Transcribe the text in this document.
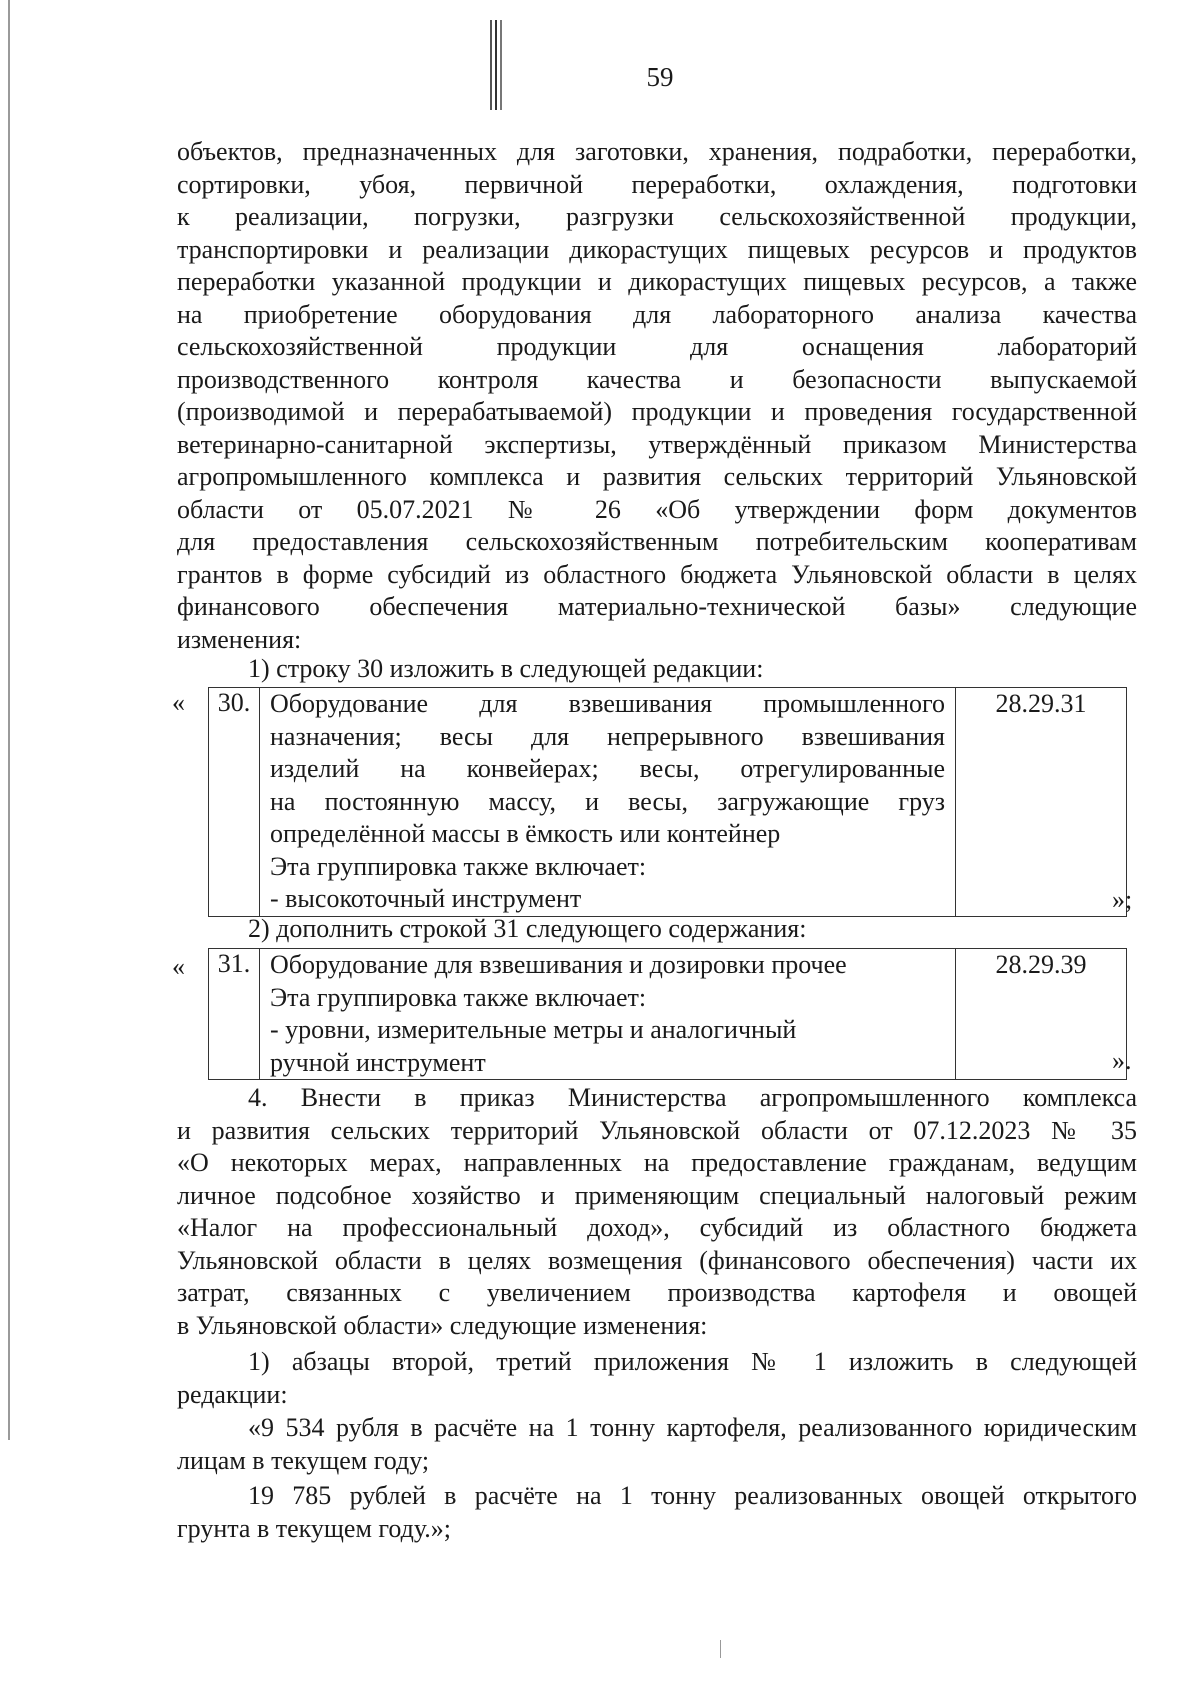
59

объектов, предназначенных для заготовки, хранения, подработки, переработки,

сортировки, убоя, первичной переработки, охлаждения, подготовки

к реализации, погрузки, разгрузки сельскохозяйственной продукции,

транспортировки и реализации дикорастущих пищевых ресурсов и продуктов

переработки указанной продукции и дикорастущих пищевых ресурсов, а также

на приобретение оборудования для лабораторного анализа качества

сельскохозяйственной продукции для оснащения лабораторий

производственного контроля качества и безопасности выпускаемой

(производимой и перерабатываемой) продукции и проведения государственной

ветеринарно-санитарной экспертизы, утверждённый приказом Министерства

агропромышленного комплекса и развития сельских территорий Ульяновской

области от 05.07.2021 № 26 «Об утверждении форм документов

для предоставления сельскохозяйственным потребительским кооперативам

грантов в форме субсидий из областного бюджета Ульяновской области в целях

финансового обеспечения материально-технической базы» следующие

изменения:

1) строку 30 изложить в следующей редакции:
« 30.	Оборудование для взвешивания промышленного

назначения; весы для непрерывного взвешивания

изделий на конвейерах; весы, отрегулированные

на постоянную массу, и весы, загружающие груз

определённой массы в ёмкость или контейнер

Эта группировка также включает:

- высокоточный инструмент

	28.29.31
»;
2) дополнить строкой 31 следующего содержания:
« 31.	Оборудование для взвешивания и дозировки прочее

Эта группировка также включает:

- уровни, измерительные метры и аналогичный

ручной инструмент

	28.29.39
».

4. Внести в приказ Министерства агропромышленного комплекса

и развития сельских территорий Ульяновской области от 07.12.2023 № 35

«О некоторых мерах, направленных на предоставление гражданам, ведущим

личное подсобное хозяйство и применяющим специальный налоговый режим

«Налог на профессиональный доход», субсидий из областного бюджета

Ульяновской области в целях возмещения (финансового обеспечения) части их

затрат, связанных с увеличением производства картофеля и овощей

в Ульяновской области» следующие изменения:

1) абзацы второй, третий приложения № 1 изложить в следующей

редакции:

«9 534 рубля в расчёте на 1 тонну картофеля, реализованного юридическим

лицам в текущем году;

19 785 рублей в расчёте на 1 тонну реализованных овощей открытого

грунта в текущем году.»;
